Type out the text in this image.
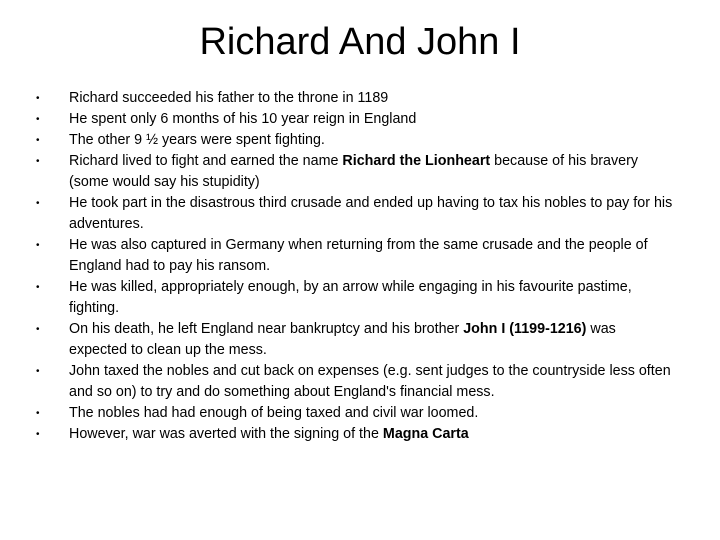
Richard And John I
•	Richard succeeded his father to the throne in 1189
•	He spent only 6 months of his 10 year reign in England
•	The other 9 ½ years were spent fighting.
•	Richard lived to fight and earned the name Richard the Lionheart because of his bravery (some would say his stupidity)
•	He took part in the disastrous third crusade and ended up having to tax his nobles to pay for his adventures.
•	He was also captured in Germany when returning from the same crusade and the people of England had to pay his ransom.
•	He was killed, appropriately enough, by an arrow while engaging in his favourite pastime, fighting.
•	On his death, he left England near bankruptcy and his brother John I (1199-1216) was expected to clean up the mess.
•	John taxed the nobles and cut back on expenses (e.g. sent judges to the countryside less often and so on) to try and do something about England's financial mess.
•	The nobles had had enough of being taxed and civil war loomed.
•	However, war was averted with the signing of the Magna Carta
